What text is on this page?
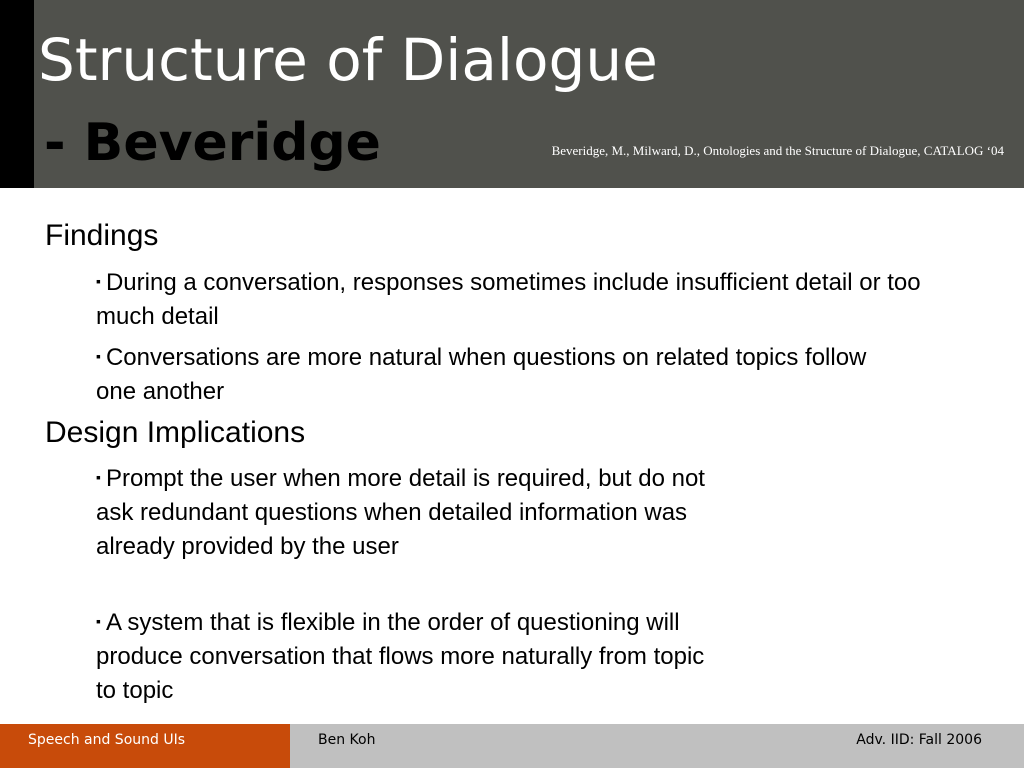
Structure of Dialogue
- Beveridge	Beveridge, M., Milward, D., Ontologies and the Structure of Dialogue, CATALOG ‘04
Findings
▪ During a conversation, responses sometimes include insufficient detail or too much detail
▪ Conversations are more natural when questions on related topics follow one another
Design Implications
▪ Prompt the user when more detail is required, but do not ask redundant questions when detailed information was already provided by the user
▪ A system that is flexible in the order of questioning will produce conversation that flows more naturally from topic to topic
Speech and Sound UIs	Ben Koh	Adv. IID: Fall 2006
